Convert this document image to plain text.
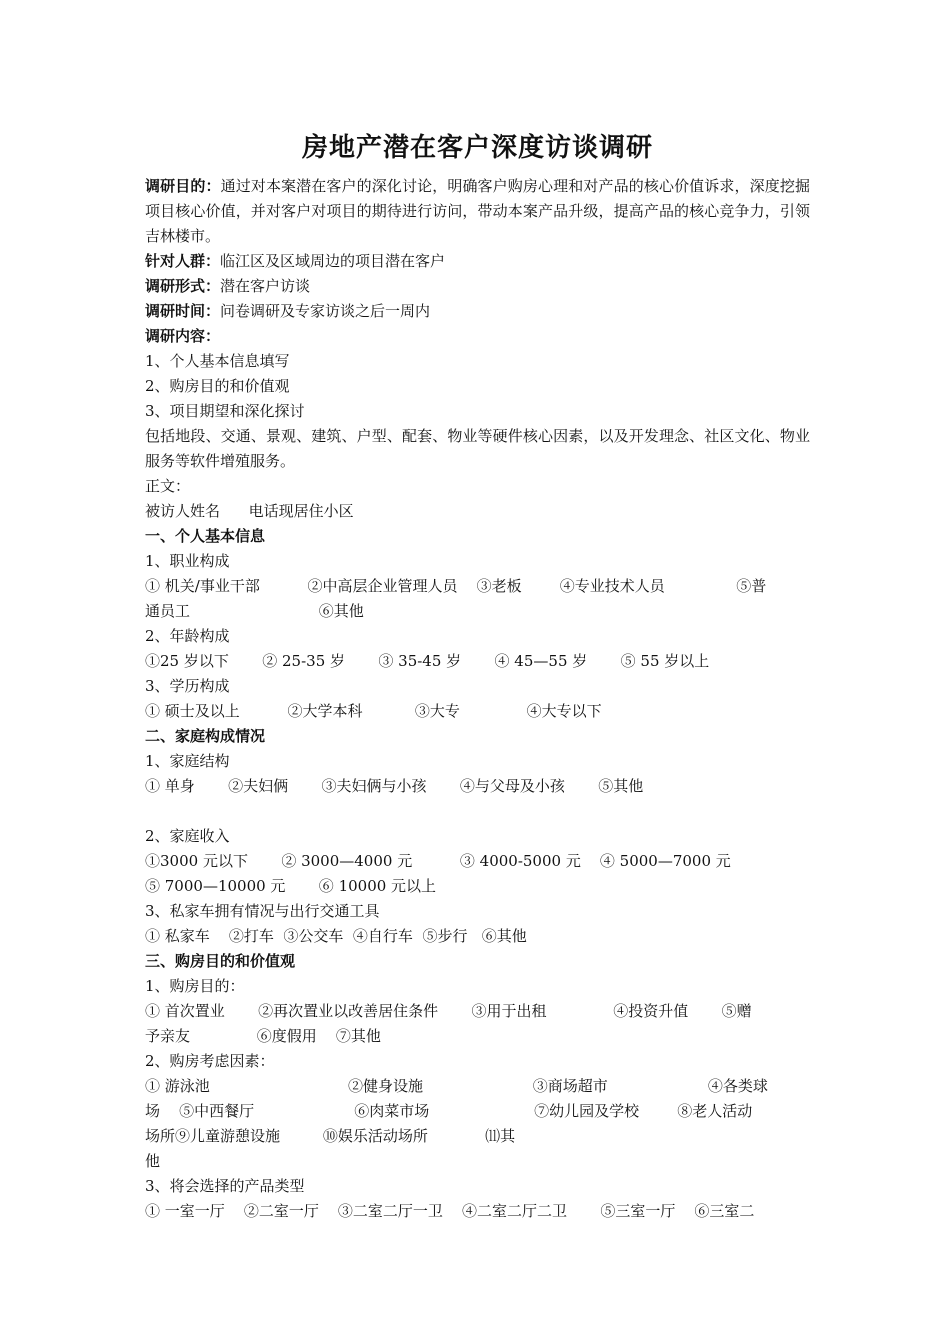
房地产潜在客户深度访谈调研
调研目的：通过对本案潜在客户的深化讨论，明确客户购房心理和对产品的核心价值诉求，深度挖掘项目核心价值，并对客户对项目的期待进行访问，带动本案产品升级，提高产品的核心竞争力，引领吉林楼市。
针对人群：临江区及区域周边的项目潜在客户
调研形式：潜在客户访谈
调研时间：问卷调研及专家访谈之后一周内
调研内容：
1、个人基本信息填写
2、购房目的和价值观
3、项目期望和深化探讨
包括地段、交通、景观、建筑、户型、配套、物业等硬件核心因素，以及开发理念、社区文化、物业服务等软件增殖服务。
正文：
被访人姓名      电话现居住小区
一、个人基本信息
1、职业构成
① 机关/事业干部          ②中高层企业管理人员    ③老板        ④专业技术人员               ⑤普
通员工                           ⑥其他
2、年龄构成
①25 岁以下       ② 25-35 岁       ③ 35-45 岁       ④ 45—55 岁       ⑤ 55 岁以上
3、学历构成
① 硕士及以上          ②大学本科           ③大专              ④大专以下
二、家庭构成情况
1、家庭结构
① 单身       ②夫妇俩       ③夫妇俩与小孩       ④与父母及小孩       ⑤其他
2、家庭收入
①3000 元以下       ② 3000—4000 元          ③ 4000-5000 元    ④ 5000—7000 元
⑤ 7000—10000 元       ⑥ 10000 元以上
3、私家车拥有情况与出行交通工具
① 私家车    ②打车  ③公交车  ④自行车  ⑤步行   ⑥其他
三、购房目的和价值观
1、购房目的：
① 首次置业       ②再次置业以改善居住条件       ③用于出租              ④投资升值       ⑤赠
予亲友              ⑥度假用    ⑦其他
2、购房考虑因素：
① 游泳池                             ②健身设施                       ③商场超市                     ④各类球
场    ⑤中西餐厅                     ⑥肉菜市场                      ⑦幼儿园及学校        ⑧老人活动
场所⑨儿童游憩设施         ⑩娱乐活动场所            ⑾其
他
3、将会选择的产品类型
① 一室一厅    ②二室一厅    ③二室二厅一卫    ④二室二厅二卫       ⑤三室一厅    ⑥三室二
